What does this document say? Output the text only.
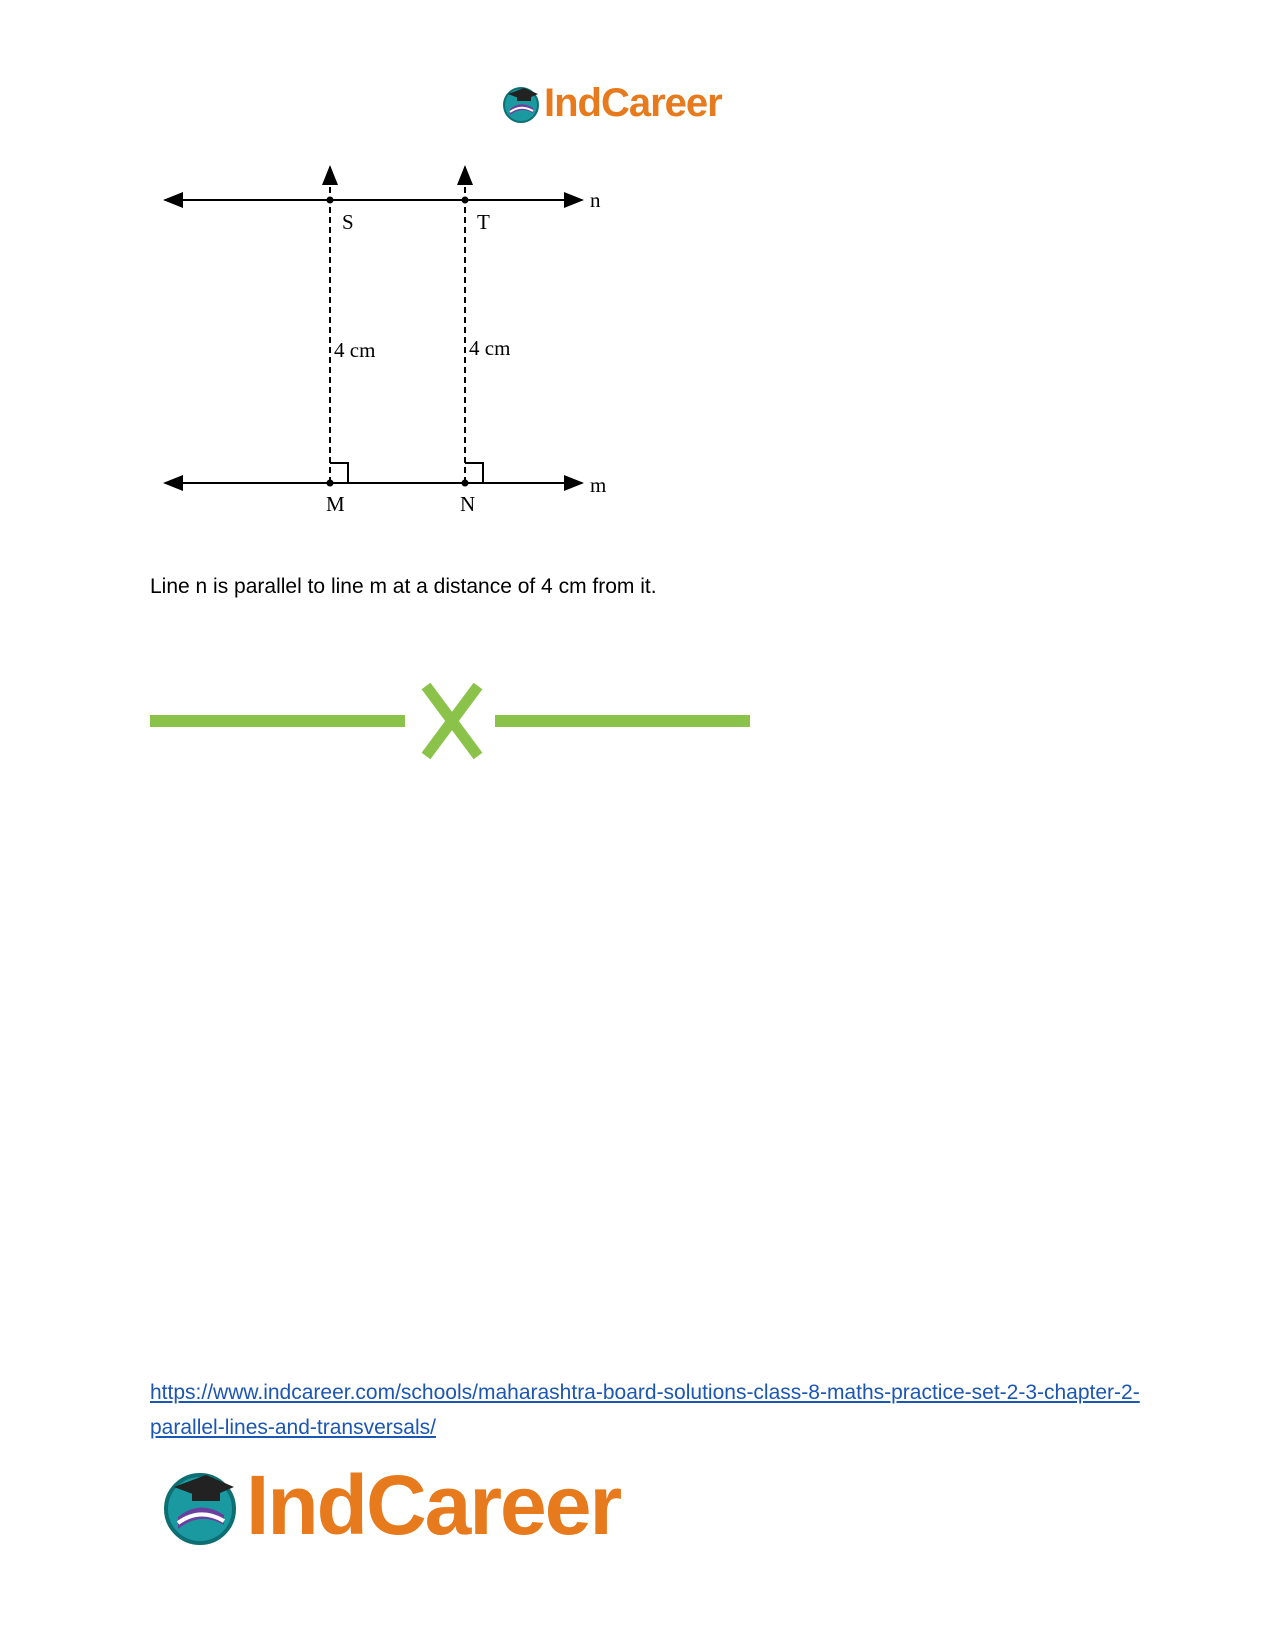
IndCareer
n
m
S	T
M	N
4 cm	4 cm
Line n is parallel to line m at a distance of 4 cm from it.
https://www.indcareer.com/schools/maharashtra-board-solutions-class-8-maths-practice-set-2-3-chapter-2-parallel-lines-and-transversals/
IndCareer
